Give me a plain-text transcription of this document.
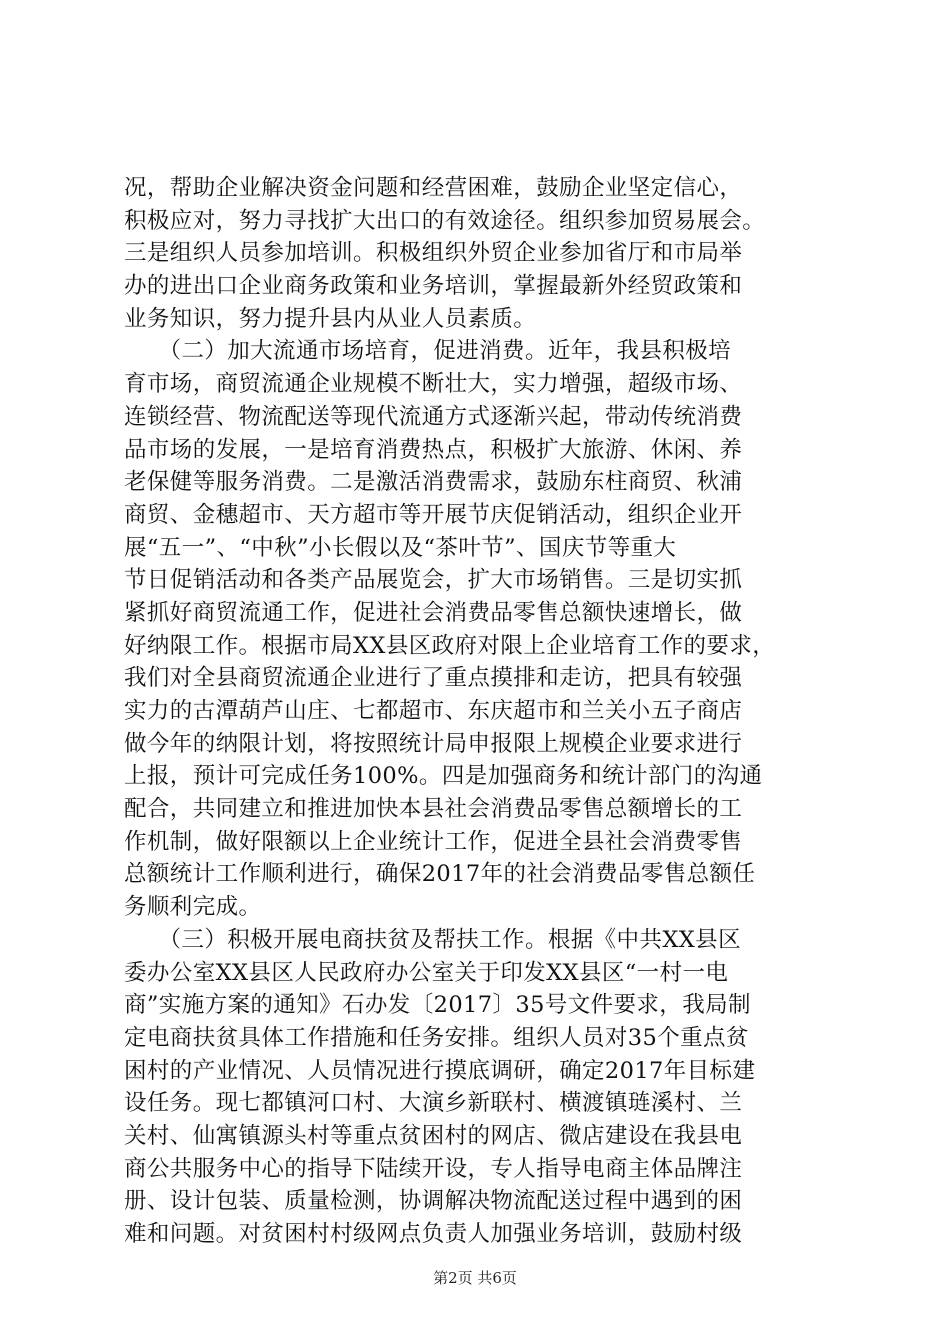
况，帮助企业解决资金问题和经营困难，鼓励企业坚定信心，
积极应对，努力寻找扩大出口的有效途径。组织参加贸易展会。
三是组织人员参加培训。积极组织外贸企业参加省厅和市局举
办的进出口企业商务政策和业务培训，掌握最新外经贸政策和
业务知识，努力提升县内从业人员素质。
　　（二）加大流通市场培育，促进消费。近年，我县积极培
育市场，商贸流通企业规模不断壮大，实力增强，超级市场、
连锁经营、物流配送等现代流通方式逐渐兴起，带动传统消费
品市场的发展，一是培育消费热点，积极扩大旅游、休闲、养
老保健等服务消费。二是激活消费需求，鼓励东柱商贸、秋浦
商贸、金穗超市、天方超市等开展节庆促销活动，组织企业开
展“五一”、“中秋”小长假以及“茶叶节”、国庆节等重大
节日促销活动和各类产品展览会，扩大市场销售。三是切实抓
紧抓好商贸流通工作，促进社会消费品零售总额快速增长，做
好纳限工作。根据市局XX县区政府对限上企业培育工作的要求，
我们对全县商贸流通企业进行了重点摸排和走访，把具有较强
实力的古潭葫芦山庄、七都超市、东庆超市和兰关小五子商店
做今年的纳限计划，将按照统计局申报限上规模企业要求进行
上报，预计可完成任务100%。四是加强商务和统计部门的沟通
配合，共同建立和推进加快本县社会消费品零售总额增长的工
作机制，做好限额以上企业统计工作，促进全县社会消费零售
总额统计工作顺利进行，确保2017年的社会消费品零售总额任
务顺利完成。
　　（三）积极开展电商扶贫及帮扶工作。根据《中共XX县区
委办公室XX县区人民政府办公室关于印发XX县区“一村一电
商”实施方案的通知》石办发〔2017〕35号文件要求，我局制
定电商扶贫具体工作措施和任务安排。组织人员对35个重点贫
困村的产业情况、人员情况进行摸底调研，确定2017年目标建
设任务。现七都镇河口村、大演乡新联村、横渡镇琏溪村、兰
关村、仙寓镇源头村等重点贫困村的网店、微店建设在我县电
商公共服务中心的指导下陆续开设，专人指导电商主体品牌注
册、设计包装、质量检测，协调解决物流配送过程中遇到的困
难和问题。对贫困村村级网点负责人加强业务培训，鼓励村级
第2页 共6页
